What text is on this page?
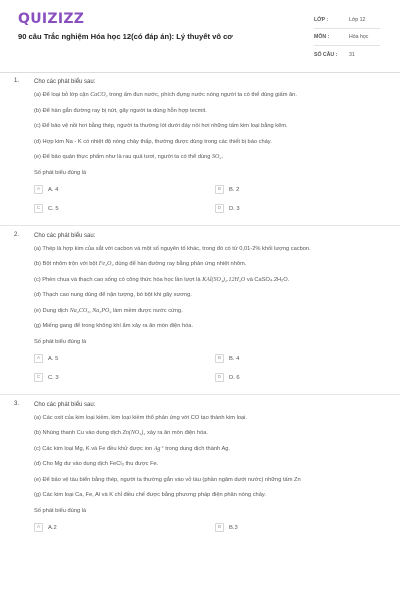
QUIZIZZ
90 câu Trắc nghiệm Hóa học 12(có đáp án): Lý thuyết vô cơ
LỚP :	Lớp 12
MÔN :	Hóa học
SỐ CÂU :	31
1. Cho các phát biểu sau:
(a) Để loại bỏ lớp cặn CaCO₃ trong ấm đun nước, phích đựng nước nóng người ta có thể dùng giấm ăn.
(b) Để hàn gắn đường ray bị nứt, gãy người ta dùng hỗn hợp tecmit.
(c) Để bảo vệ nồi hơi bằng thép, người ta thường lót dưới đáy nồi hơi những tấm kim loại bằng kẽm.
(d) Hợp kim Na - K có nhiệt độ nóng chảy thấp, thường được dùng trong các thiết bị báo cháy.
(e) Để bảo quản thực phẩm như là rau quả tươi, người ta có thể dùng SO₂.
Số phát biểu đúng là
A	A. 4	B	B. 2
C	C. 5	D	D. 3
2. Cho các phát biểu sau:
(a) Thép là hợp kim của sắt với cacbon và một số nguyên tố khác, trong đó có từ 0,01-2% khối lượng cacbon.
(b) Bột nhôm trộn với bột Fe₂O₃ dùng để hàn đường ray bằng phản ứng nhiệt nhôm.
(c) Phèn chua và thạch cao sống có công thức hóa học lần lượt là KAl(SO₄)₂.12H₂O và CaSO₄.2H₂O.
(d) Thạch cao nung dùng để nặn tượng, bó bột khi gãy xương.
(e) Dung dịch Na₂CO₃, Na₃PO₄ làm mềm được nước cứng.
(g) Miếng gang để trong không khí ẩm xảy ra ăn mòn điện hóa.
Số phát biểu đúng là
A	A. 5	B	B. 4
C	C. 3	D	D. 6
3. Cho các phát biểu sau:
(a) Các oxit của kim loại kiềm, kim loại kiềm thổ phản ứng với CO tạo thành kim loại.
(b) Nhúng thanh Cu vào dung dịch Zn(NO₃)₂ xảy ra ăn mòn điện hóa.
(c) Các kim loại Mg, K và Fe đều khử được ion Ag⁺ trong dung dịch thành Ag.
(d) Cho Mg dư vào dung dịch FeCl₃ thu được Fe.
(e) Để bảo vệ tàu biển bằng thép, người ta thường gắn vào vỏ tàu (phần ngâm dưới nước) những tấm Zn
(g) Các kim loại Ca, Fe, Al và K chỉ điều chế được bằng phương pháp điện phân nóng chảy.
Số phát biểu đúng là
A	A.2	B	B.3
